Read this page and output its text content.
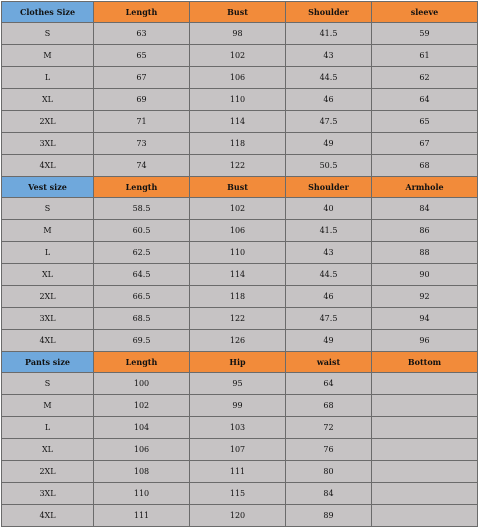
Clothes Size	Length	Bust	Shoulder	sleeve
S	63	98	41.5	59
M	65	102	43	61
L	67	106	44.5	62
XL	69	110	46	64
2XL	71	114	47.5	65
3XL	73	118	49	67
4XL	74	122	50.5	68
Vest size	Length	Bust	Shoulder	Armhole
S	58.5	102	40	84
M	60.5	106	41.5	86
L	62.5	110	43	88
XL	64.5	114	44.5	90
2XL	66.5	118	46	92
3XL	68.5	122	47.5	94
4XL	69.5	126	49	96
Pants size	Length	Hip	waist	Bottom
S	100	95	64	
M	102	99	68	
L	104	103	72	
XL	106	107	76	
2XL	108	111	80	
3XL	110	115	84	
4XL	111	120	89	
